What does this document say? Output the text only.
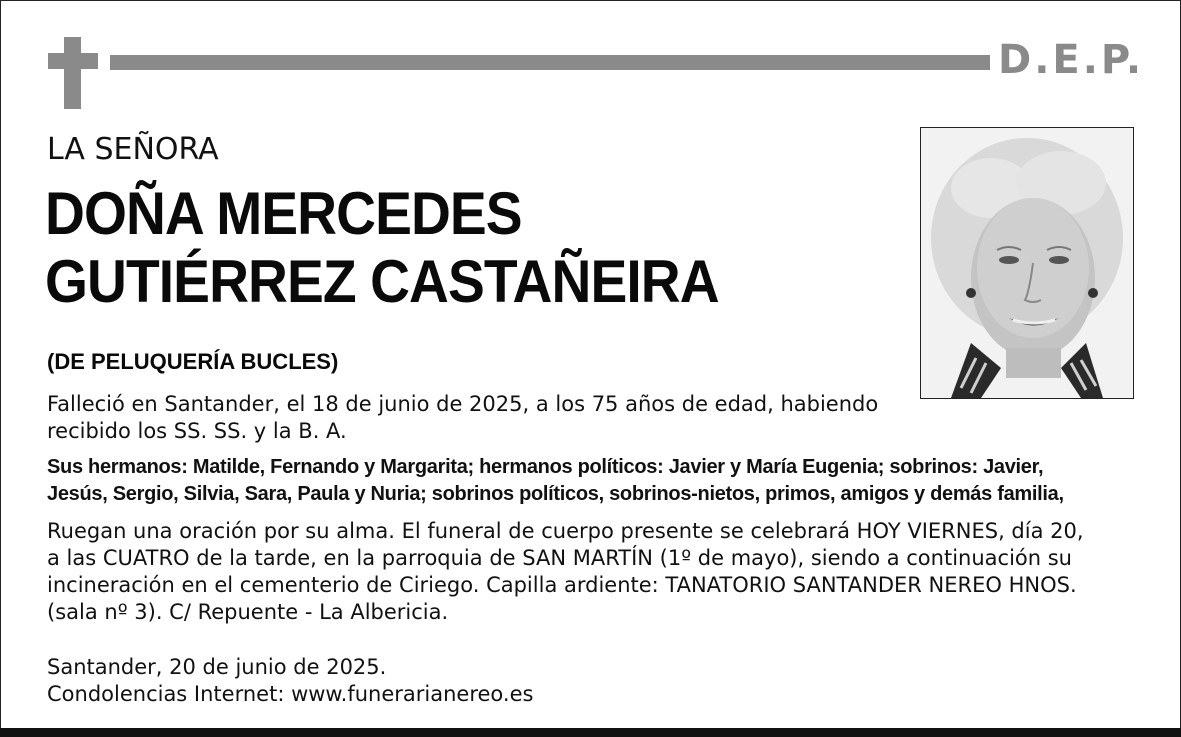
D.E.P.
LA SEÑORA
DOÑA MERCEDES
GUTIÉRREZ CASTAÑEIRA
(DE PELUQUERÍA BUCLES)
Falleció en Santander, el 18 de junio de 2025, a los 75 años de edad, habiendo
recibido los SS. SS. y la B. A.
Sus hermanos: Matilde, Fernando y Margarita; hermanos políticos: Javier y María Eugenia; sobrinos: Javier,
Jesús, Sergio, Silvia, Sara, Paula y Nuria; sobrinos políticos, sobrinos-nietos, primos, amigos y demás familia,
Ruegan una oración por su alma. El funeral de cuerpo presente se celebrará HOY VIERNES, día 20,
a las CUATRO de la tarde, en la parroquia de SAN MARTÍN (1º de mayo), siendo a continuación su
incineración en el cementerio de Ciriego. Capilla ardiente: TANATORIO SANTANDER NEREO HNOS.
(sala nº 3). C/ Repuente - La Albericia.
Santander, 20 de junio de 2025.
Condolencias Internet: www.funerarianereo.es
